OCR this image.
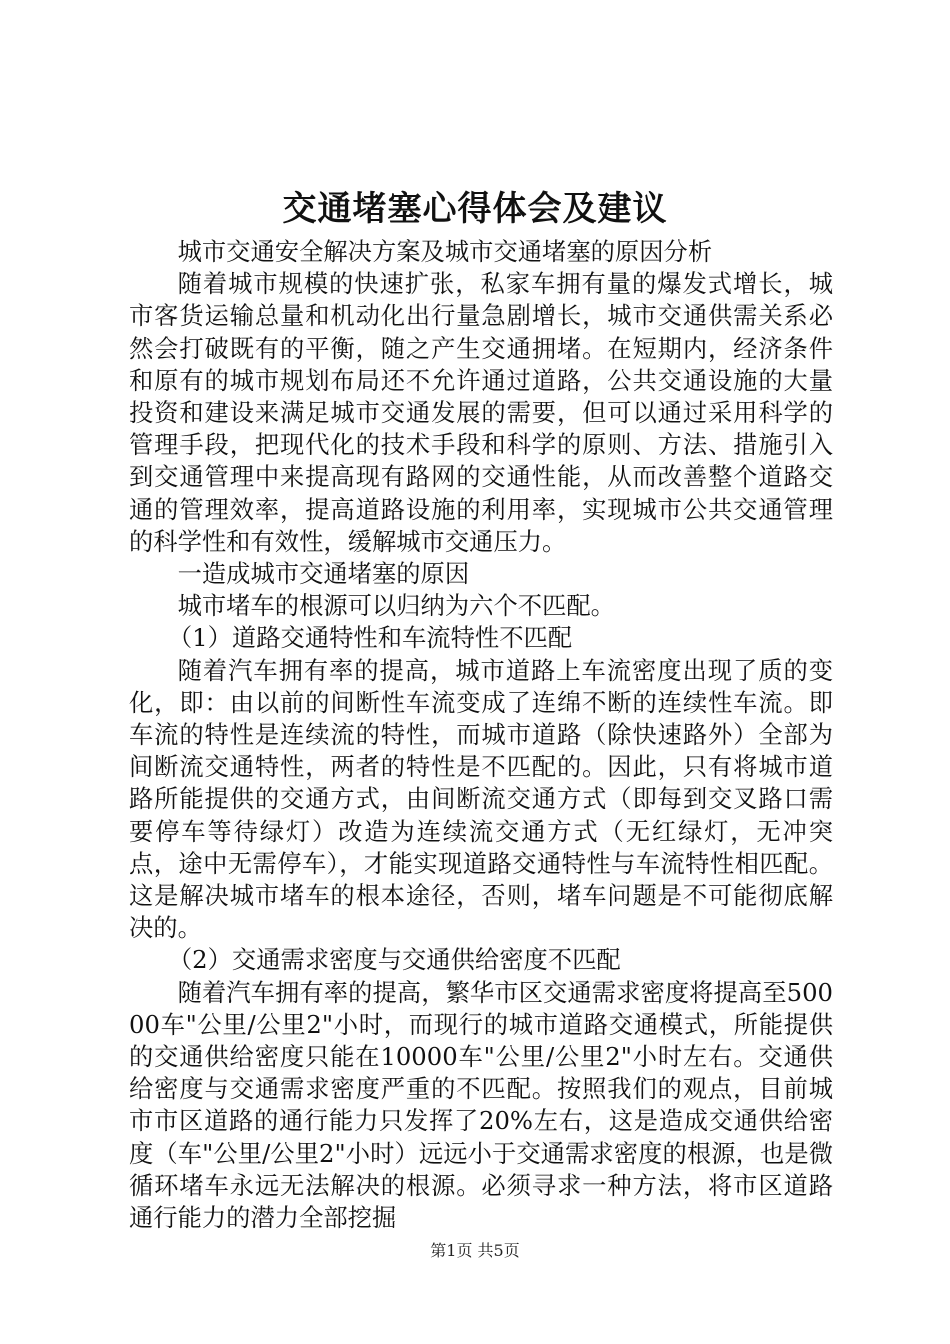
交通堵塞心得体会及建议

城市交通安全解决方案及城市交通堵塞的原因分析

随着城市规模的快速扩张，私家车拥有量的爆发式增长，城市客货运输总量和机动化出行量急剧增长，城市交通供需关系必然会打破既有的平衡，随之产生交通拥堵。在短期内，经济条件和原有的城市规划布局还不允许通过道路，公共交通设施的大量投资和建设来满足城市交通发展的需要，但可以通过采用科学的管理手段，把现代化的技术手段和科学的原则、方法、措施引入到交通管理中来提高现有路网的交通性能，从而改善整个道路交通的管理效率，提高道路设施的利用率，实现城市公共交通管理的科学性和有效性，缓解城市交通压力。

一造成城市交通堵塞的原因

城市堵车的根源可以归纳为六个不匹配。

（1）道路交通特性和车流特性不匹配

随着汽车拥有率的提高，城市道路上车流密度出现了质的变化，即：由以前的间断性车流变成了连绵不断的连续性车流。即车流的特性是连续流的特性，而城市道路（除快速路外）全部为间断流交通特性，两者的特性是不匹配的。因此，只有将城市道路所能提供的交通方式，由间断流交通方式（即每到交叉路口需要停车等待绿灯）改造为连续流交通方式（无红绿灯，无冲突点，途中无需停车），才能实现道路交通特性与车流特性相匹配。这是解决城市堵车的根本途径，否则，堵车问题是不可能彻底解决的。

（2）交通需求密度与交通供给密度不匹配

随着汽车拥有率的提高，繁华市区交通需求密度将提高至50000车"公里/公里2"小时，而现行的城市道路交通模式，所能提供的交通供给密度只能在10000车"公里/公里2"小时左右。交通供给密度与交通需求密度严重的不匹配。按照我们的观点，目前城市市区道路的通行能力只发挥了20%左右，这是造成交通供给密度（车"公里/公里2"小时）远远小于交通需求密度的根源，也是微循环堵车永远无法解决的根源。必须寻求一种方法，将市区道路通行能力的潜力全部挖掘

第1页 共5页
